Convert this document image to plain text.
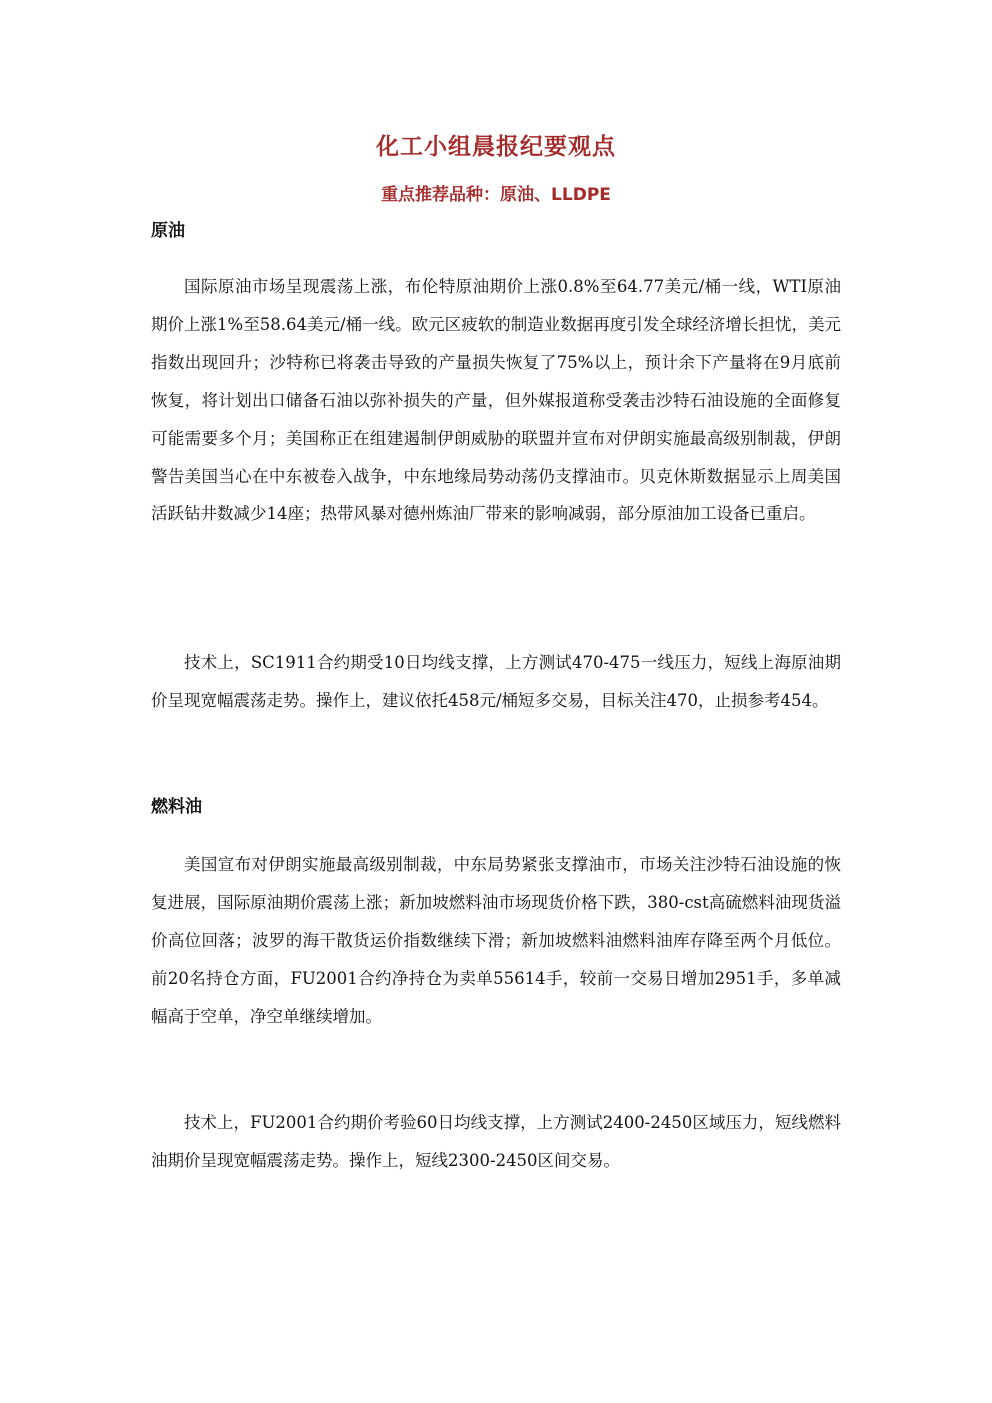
化工小组晨报纪要观点
重点推荐品种：原油、LLDPE
原油

国际原油市场呈现震荡上涨，布伦特原油期价上涨0.8%至64.77美元/桶一线，WTI原油期价上涨1%至58.64美元/桶一线。欧元区疲软的制造业数据再度引发全球经济增长担忧，美元指数出现回升；沙特称已将袭击导致的产量损失恢复了75%以上，预计余下产量将在9月底前恢复，将计划出口储备石油以弥补损失的产量，但外媒报道称受袭击沙特石油设施的全面修复可能需要多个月；美国称正在组建遏制伊朗威胁的联盟并宣布对伊朗实施最高级别制裁，伊朗警告美国当心在中东被卷入战争，中东地缘局势动荡仍支撑油市。贝克休斯数据显示上周美国活跃钻井数减少14座；热带风暴对德州炼油厂带来的影响减弱，部分原油加工设备已重启。

技术上，SC1911合约期受10日均线支撑，上方测试470-475一线压力，短线上海原油期价呈现宽幅震荡走势。操作上，建议依托458元/桶短多交易，目标关注470，止损参考454。

燃料油

美国宣布对伊朗实施最高级别制裁，中东局势紧张支撑油市，市场关注沙特石油设施的恢复进展，国际原油期价震荡上涨；新加坡燃料油市场现货价格下跌，380-cst高硫燃料油现货溢价高位回落；波罗的海干散货运价指数继续下滑；新加坡燃料油燃料油库存降至两个月低位。前20名持仓方面，FU2001合约净持仓为卖单55614手，较前一交易日增加2951手，多单减幅高于空单，净空单继续增加。

技术上，FU2001合约期价考验60日均线支撑，上方测试2400-2450区域压力，短线燃料油期价呈现宽幅震荡走势。操作上，短线2300-2450区间交易。
